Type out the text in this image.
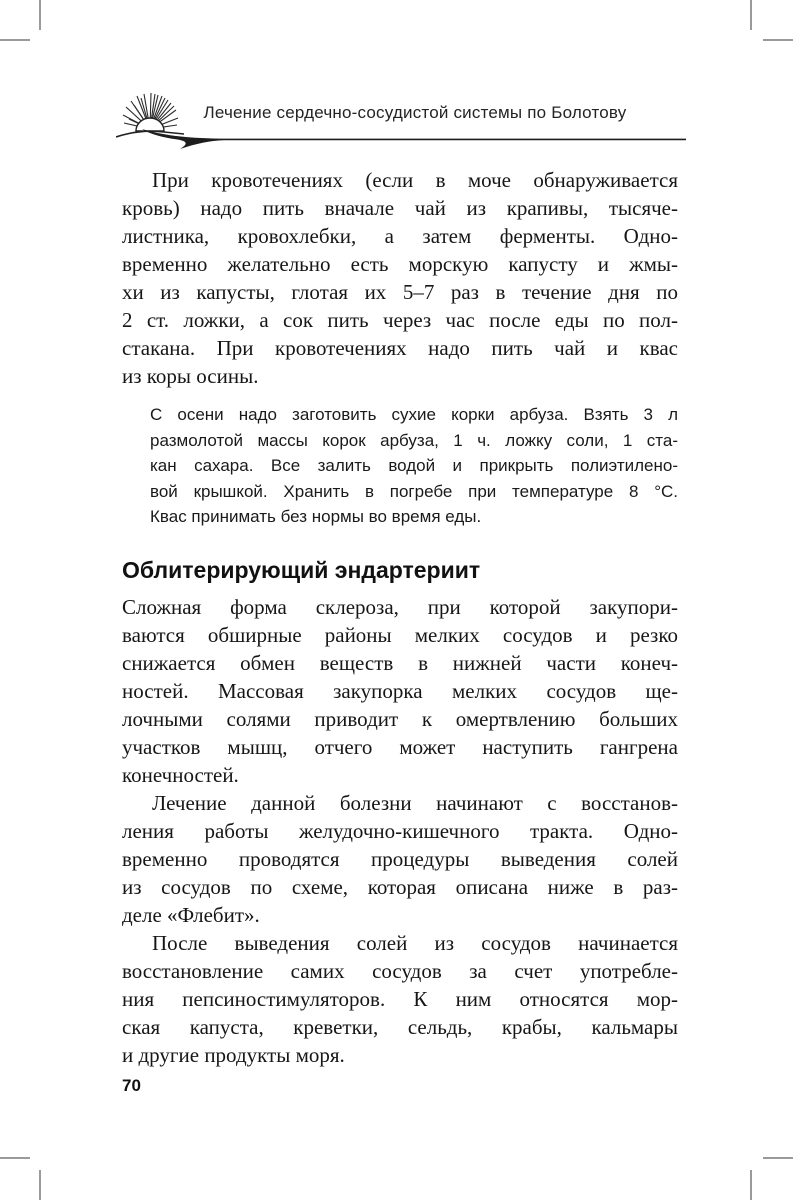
Лечение сердечно-сосудистой системы по Болотову

При кровотечениях (если в моче обнаруживается
кровь) надо пить вначале чай из крапивы, тысяче-
листника, кровохлебки, а затем ферменты. Одно-
временно желательно есть морскую капусту и жмы-
хи из капусты, глотая их 5–7 раз в течение дня по
2 ст. ложки, а сок пить через час после еды по пол-
стакана. При кровотечениях надо пить чай и квас
из коры осины.

С осени надо заготовить сухие корки арбуза. Взять 3 л
размолотой массы корок арбуза, 1 ч. ложку соли, 1 ста-
кан сахара. Все залить водой и прикрыть полиэтилено-
вой крышкой. Хранить в погребе при температуре 8 °С.
Квас принимать без нормы во время еды.
Облитерирующий эндартериит

Сложная форма склероза, при которой закупори-
ваются обширные районы мелких сосудов и резко
снижается обмен веществ в нижней части конеч-
ностей. Массовая закупорка мелких сосудов ще-
лочными солями приводит к омертвлению больших
участков мышц, отчего может наступить гангрена
конечностей.

Лечение данной болезни начинают с восстанов-
ления работы желудочно-кишечного тракта. Одно-
временно проводятся процедуры выведения солей
из сосудов по схеме, которая описана ниже в раз-
деле «Флебит».

После выведения солей из сосудов начинается
восстановление самих сосудов за счет употребле-
ния пепсиностимуляторов. К ним относятся мор-
ская капуста, креветки, сельдь, крабы, кальмары
и другие продукты моря.

70
